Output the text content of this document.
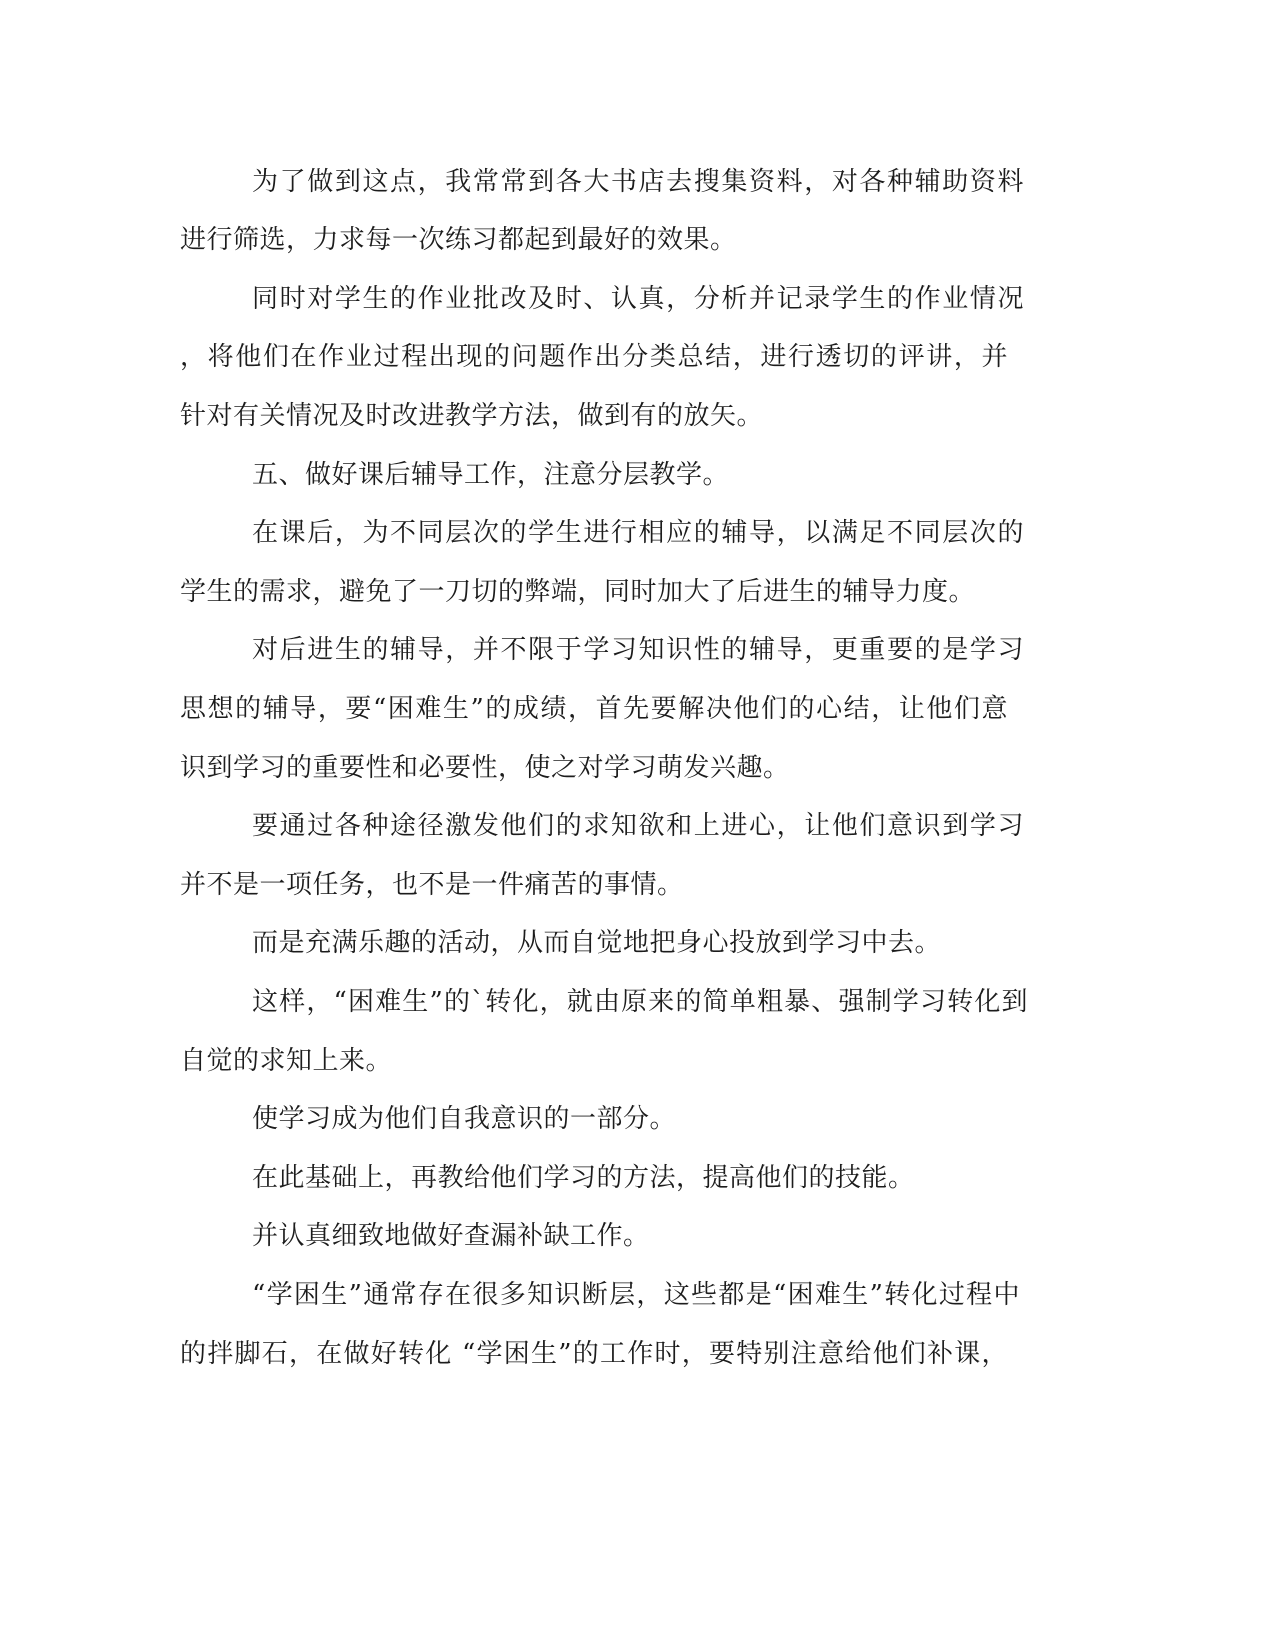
为了做到这点，我常常到各大书店去搜集资料，对各种辅助资料
进行筛选，力求每一次练习都起到最好的效果。
同时对学生的作业批改及时、认真，分析并记录学生的作业情况
，将他们在作业过程出现的问题作出分类总结，进行透切的评讲，并
针对有关情况及时改进教学方法，做到有的放矢。
五、做好课后辅导工作，注意分层教学。
在课后，为不同层次的学生进行相应的辅导，以满足不同层次的
学生的需求，避免了一刀切的弊端，同时加大了后进生的辅导力度。
对后进生的辅导，并不限于学习知识性的辅导，更重要的是学习
思想的辅导，要“困难生”的成绩，首先要解决他们的心结，让他们意
识到学习的重要性和必要性，使之对学习萌发兴趣。
要通过各种途径激发他们的求知欲和上进心，让他们意识到学习
并不是一项任务，也不是一件痛苦的事情。
而是充满乐趣的活动，从而自觉地把身心投放到学习中去。
这样，“困难生”的`转化，就由原来的简单粗暴、强制学习转化到
自觉的求知上来。
使学习成为他们自我意识的一部分。
在此基础上，再教给他们学习的方法，提高他们的技能。
并认真细致地做好查漏补缺工作。
“学困生”通常存在很多知识断层，这些都是“困难生”转化过程中
的拌脚石，在做好转化 “学困生”的工作时，要特别注意给他们补课，
